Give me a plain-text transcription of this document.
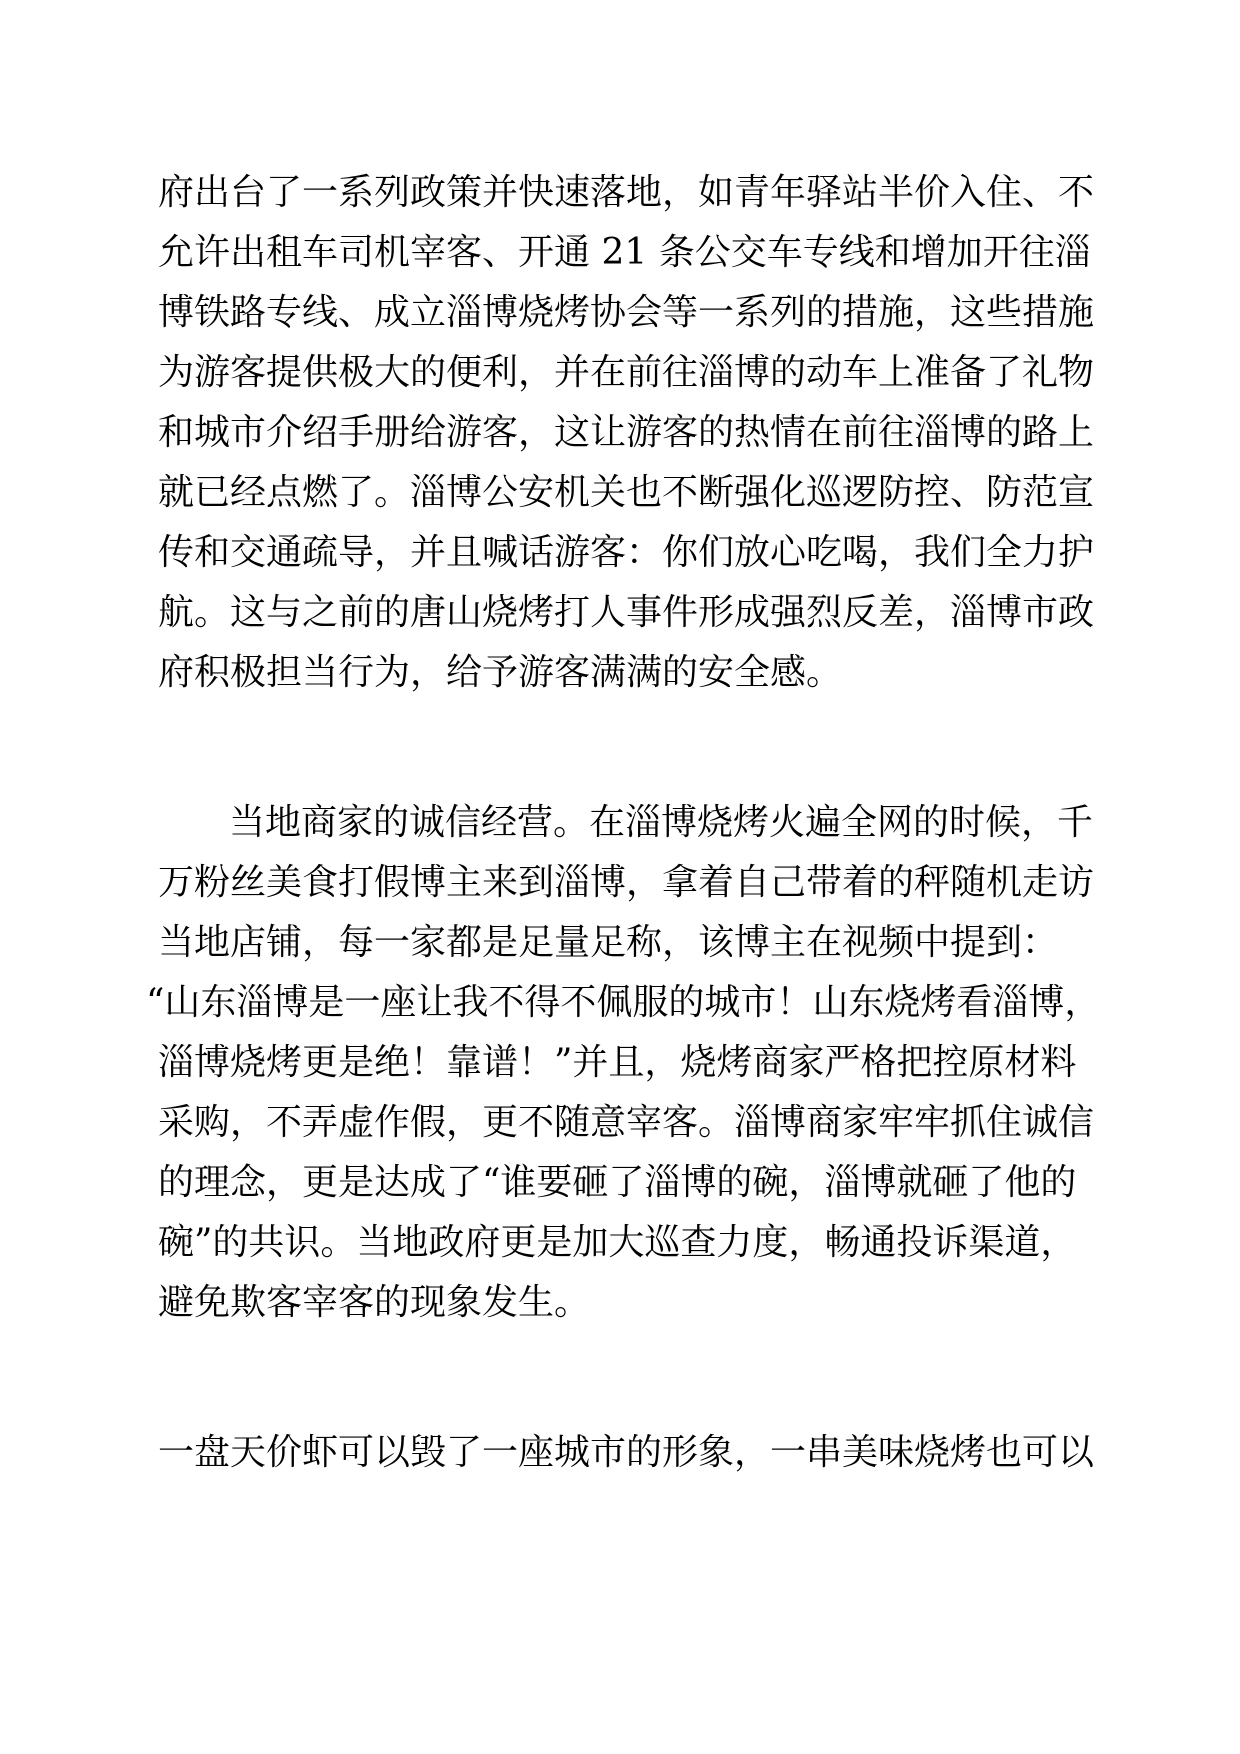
府出台了一系列政策并快速落地，如青年驿站半价入住、不
允许出租车司机宰客、开通 21 条公交车专线和增加开往淄
博铁路专线、成立淄博烧烤协会等一系列的措施，这些措施
为游客提供极大的便利，并在前往淄博的动车上准备了礼物
和城市介绍手册给游客，这让游客的热情在前往淄博的路上
就已经点燃了。淄博公安机关也不断强化巡逻防控、防范宣
传和交通疏导，并且喊话游客：你们放心吃喝，我们全力护
航。这与之前的唐山烧烤打人事件形成强烈反差，淄博市政
府积极担当行为，给予游客满满的安全感。
当地商家的诚信经营。在淄博烧烤火遍全网的时候，千
万粉丝美食打假博主来到淄博，拿着自己带着的秤随机走访
当地店铺，每一家都是足量足称，该博主在视频中提到：
“山东淄博是一座让我不得不佩服的城市！山东烧烤看淄博，
淄博烧烤更是绝！靠谱！”并且，烧烤商家严格把控原材料
采购，不弄虚作假，更不随意宰客。淄博商家牢牢抓住诚信
的理念，更是达成了“谁要砸了淄博的碗，淄博就砸了他的
碗”的共识。当地政府更是加大巡查力度，畅通投诉渠道，
避免欺客宰客的现象发生。
一盘天价虾可以毁了一座城市的形象，一串美味烧烤也可以
